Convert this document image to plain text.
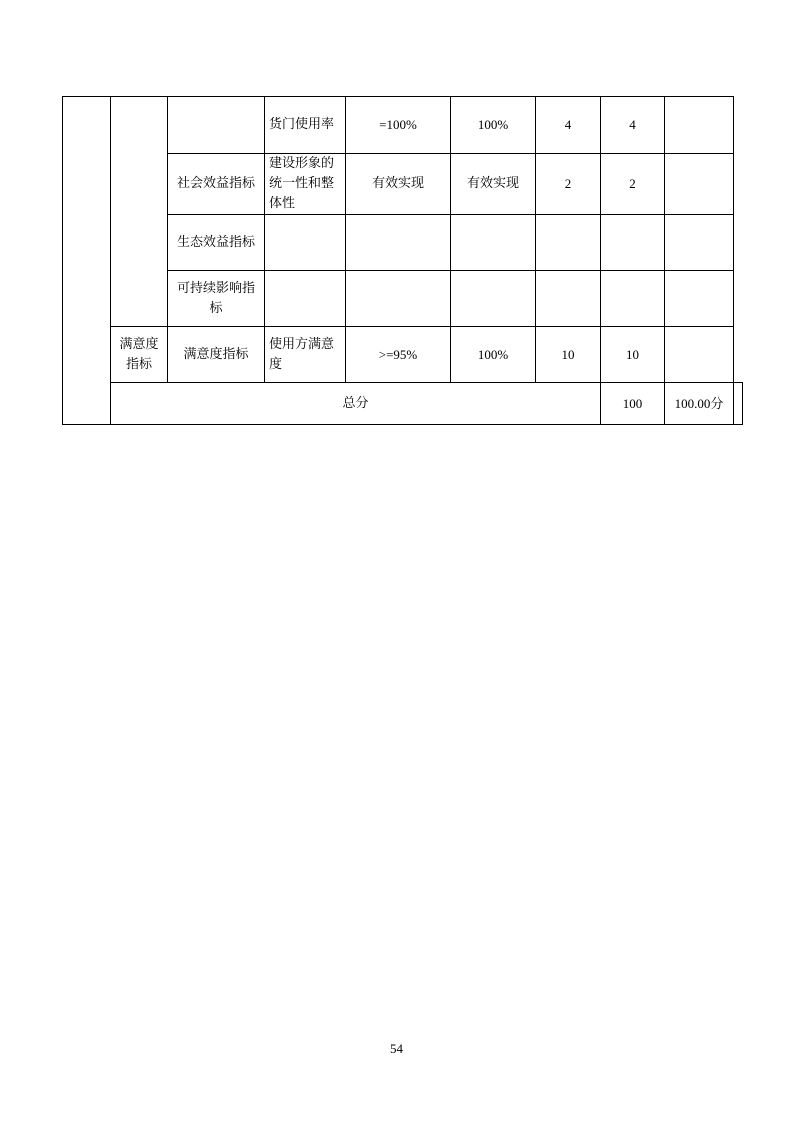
			货门使用率	=100%	100%	4	4		
		社会效益指标	建设形象的统一性和整体性	有效实现	有效实现	2	2		
		生态效益指标							
		可持续影响指标							
	满意度指标	满意度指标	使用方满意度	>=95%	100%	10	10		
	总分						100	100.00分	
54
